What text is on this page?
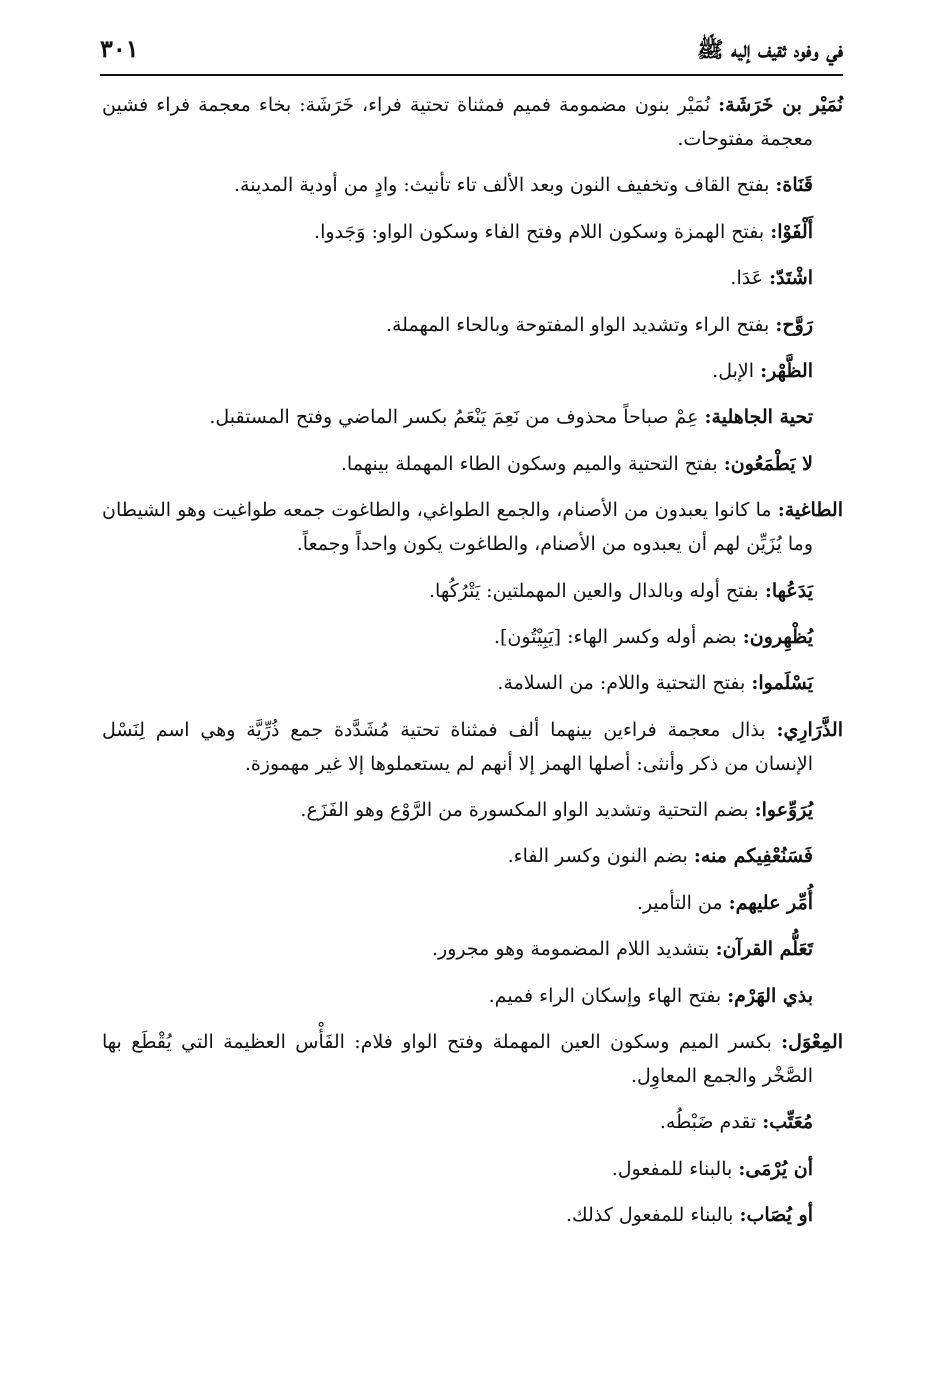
في وفود ثقيف إليه ﷺ
٣٠١

نُمَيْر بن خَرَشَة: نُمَيْر بنون مضمومة فميم فمثناة تحتية فراء، خَرَشَة: بخاء معجمة فراء فشين معجمة مفتوحات.

قَنَاة: بفتح القاف وتخفيف النون وبعد الألف تاء تأنيث: وادٍ من أودية المدينة.

أَلْفَوْا: بفتح الهمزة وسكون اللام وفتح الفاء وسكون الواو: وَجَدوا.

اشْتَدّ: عَدَا.

رَوَّح: بفتح الراء وتشديد الواو المفتوحة وبالحاء المهملة.

الظَّهْر: الإبل.

تحية الجاهلية: عِمْ صباحاً محذوف من نَعِمَ يَنْعَمُ بكسر الماضي وفتح المستقبل.

لا يَطْمَعُون: بفتح التحتية والميم وسكون الطاء المهملة بينهما.

الطاغية: ما كانوا يعبدون من الأصنام، والجمع الطواغي، والطاغوت جمعه طواغيت وهو الشيطان وما يُزَيِّن لهم أن يعبدوه من الأصنام، والطاغوت يكون واحداً وجمعاً.

يَدَعُها: بفتح أوله وبالدال والعين المهملتين: يَتْرُكُها.

يُظْهِرون: بضم أوله وكسر الهاء: [يَبِيْتُون].

يَسْلَموا: بفتح التحتية واللام: من السلامة.

الذَّرَارِي: بذال معجمة فراءين بينهما ألف فمثناة تحتية مُشَدَّدة جمع ذُرِّيَّة وهي اسم لِنَسْل الإنسان من ذكر وأنثى: أصلها الهمز إلا أنهم لم يستعملوها إلا غير مهموزة.

يُرَوِّعوا: بضم التحتية وتشديد الواو المكسورة من الرَّوْع وهو الفَزَع.

فَسَنُعْفِيكم منه: بضم النون وكسر الفاء.

أُمِّر عليهم: من التأمير.

تَعَلُّم القرآن: بتشديد اللام المضمومة وهو مجرور.

بذي الهَرْم: بفتح الهاء وإسكان الراء فميم.

المِعْوَل: بكسر الميم وسكون العين المهملة وفتح الواو فلام: الفَأْس العظيمة التي يُقْطَع بها الصَّخْر والجمع المعاوِل.

مُعَتِّب: تقدم ضَبْطُه.

أن يُرْمَى: بالبناء للمفعول.

أو يُصَاب: بالبناء للمفعول كذلك.
